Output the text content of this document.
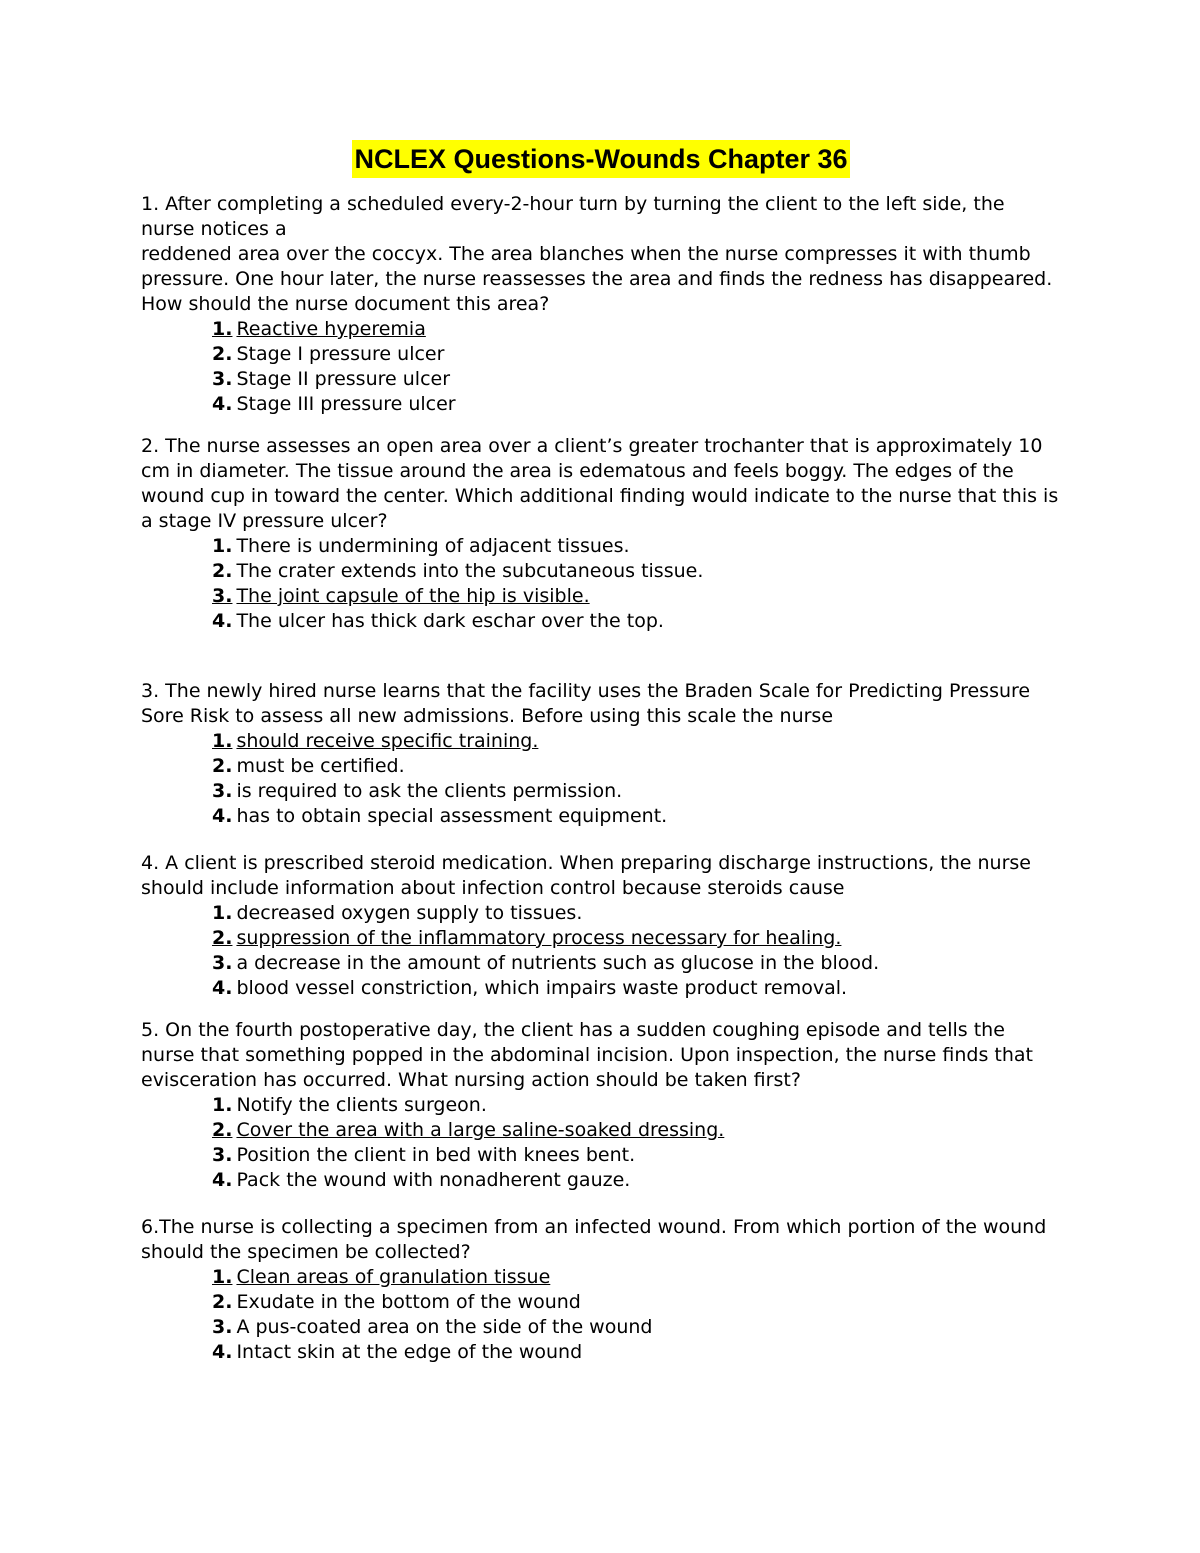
NCLEX Questions-Wounds Chapter 36

1. After completing a scheduled every-2-hour turn by turning the client to the left side, the nurse notices a

reddened area over the coccyx. The area blanches when the nurse compresses it with thumb pressure. One hour later, the nurse reassesses the area and finds the redness has disappeared. How should the nurse document this area?

1. Reactive hyperemia
2. Stage I pressure ulcer
3. Stage II pressure ulcer
4. Stage III pressure ulcer

2. The nurse assesses an open area over a client’s greater trochanter that is approximately 10 cm in diameter. The tissue around the area is edematous and feels boggy. The edges of the wound cup in toward the center. Which additional finding would indicate to the nurse that this is a stage IV pressure ulcer?

1. There is undermining of adjacent tissues.
2. The crater extends into the subcutaneous tissue.
3. The joint capsule of the hip is visible.
4. The ulcer has thick dark eschar over the top.

3. The newly hired nurse learns that the facility uses the Braden Scale for Predicting Pressure Sore Risk to assess all new admissions. Before using this scale the nurse

1. should receive specific training.
2. must be certified.
3. is required to ask the clients permission.
4. has to obtain special assessment equipment.

4. A client is prescribed steroid medication. When preparing discharge instructions, the nurse should include information about infection control because steroids cause

1. decreased oxygen supply to tissues.
2. suppression of the inflammatory process necessary for healing.
3. a decrease in the amount of nutrients such as glucose in the blood.
4. blood vessel constriction, which impairs waste product removal.

5. On the fourth postoperative day, the client has a sudden coughing episode and tells the nurse that something popped in the abdominal incision. Upon inspection, the nurse finds that evisceration has occurred. What nursing action should be taken first?

1. Notify the clients surgeon.
2. Cover the area with a large saline-soaked dressing.
3. Position the client in bed with knees bent.
4. Pack the wound with nonadherent gauze.

6.The nurse is collecting a specimen from an infected wound. From which portion of the wound should the specimen be collected?

1. Clean areas of granulation tissue
2. Exudate in the bottom of the wound
3. A pus-coated area on the side of the wound
4. Intact skin at the edge of the wound
